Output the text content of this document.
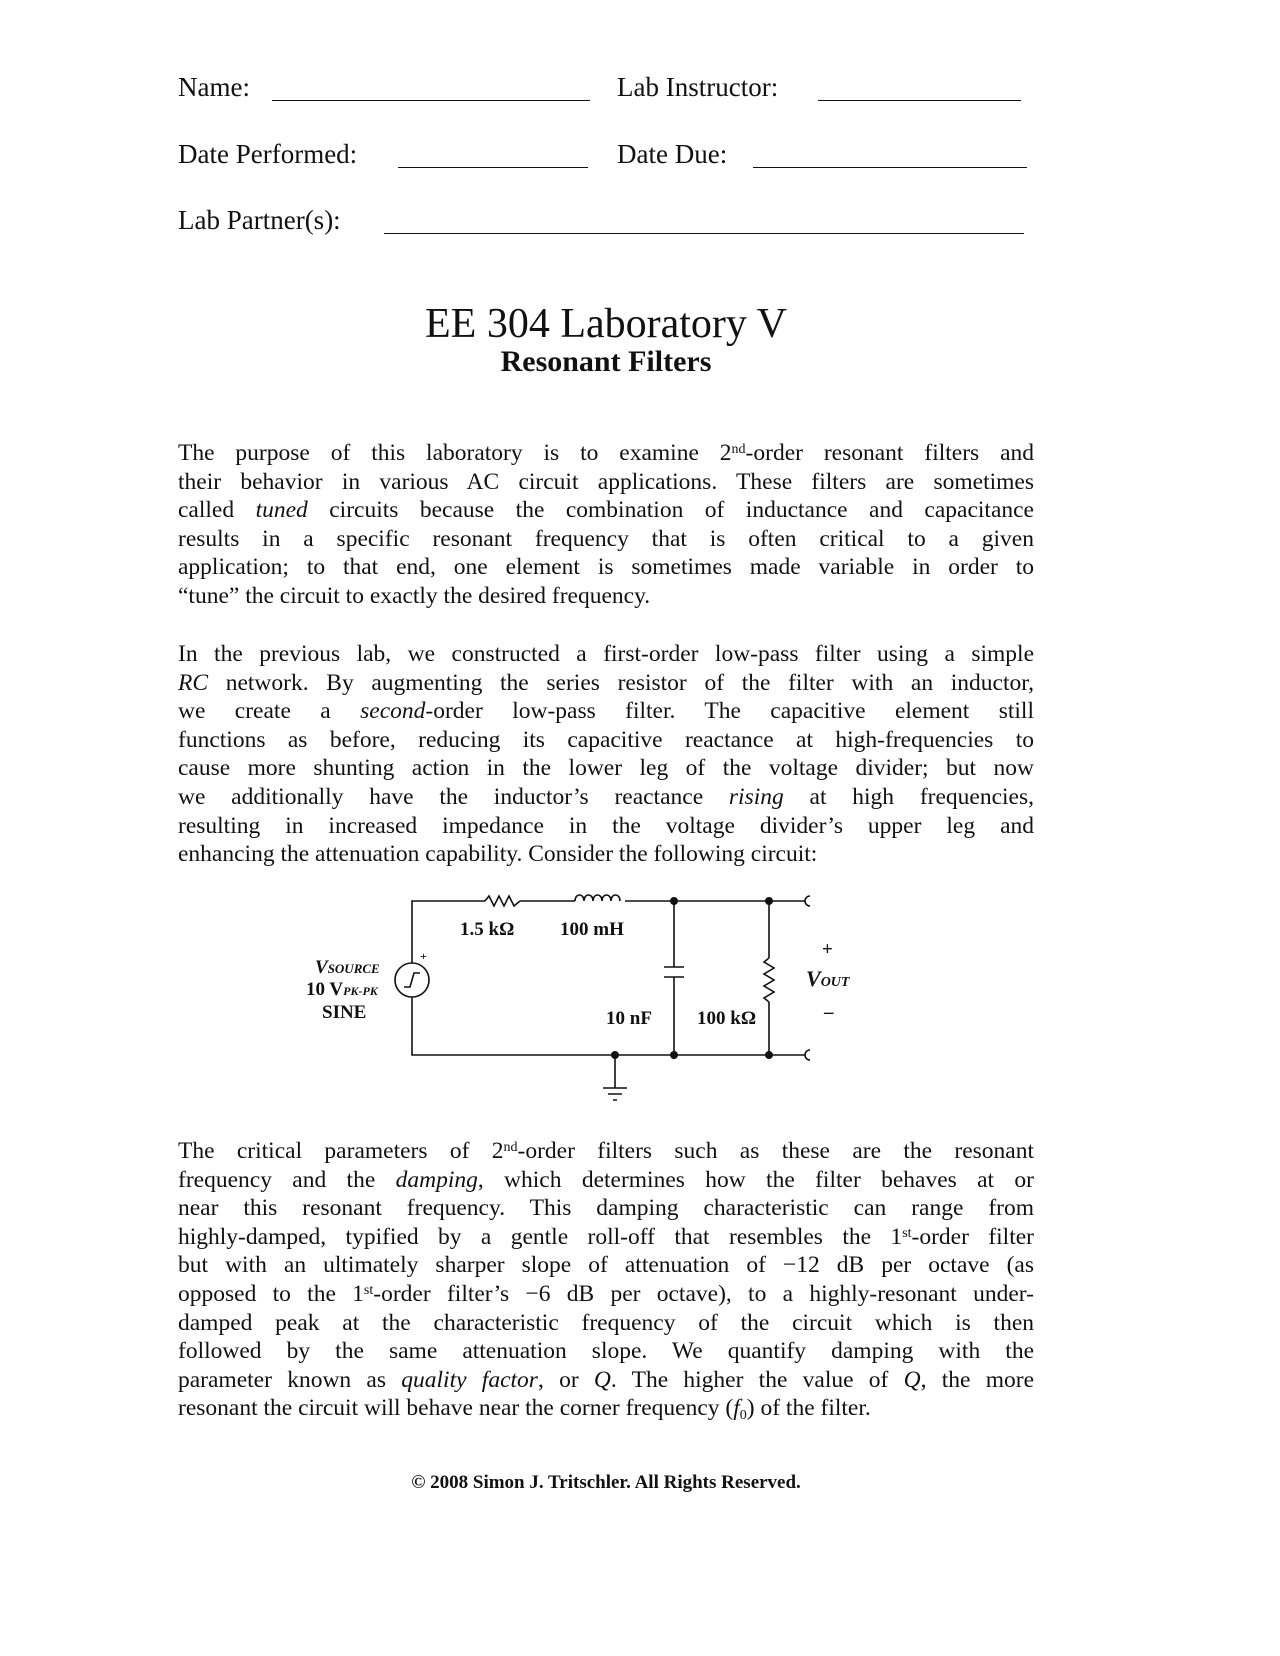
Name:	Lab Instructor:
Date Performed:	Date Due:
Lab Partner(s):
EE 304 Laboratory V
Resonant Filters
The purpose of this laboratory is to examine 2nd-order resonant filters and
their behavior in various AC circuit applications. These filters are sometimes
called tuned circuits because the combination of inductance and capacitance
results in a specific resonant frequency that is often critical to a given
application; to that end, one element is sometimes made variable in order to
“tune” the circuit to exactly the desired frequency.
In the previous lab, we constructed a first-order low-pass filter using a simple
RC network. By augmenting the series resistor of the filter with an inductor,
we create a second-order low-pass filter. The capacitive element still
functions as before, reducing its capacitive reactance at high-frequencies to
cause more shunting action in the lower leg of the voltage divider; but now
we additionally have the inductor’s reactance rising at high frequencies,
resulting in increased impedance in the voltage divider’s upper leg and
enhancing the attenuation capability. Consider the following circuit:
The critical parameters of 2nd-order filters such as these are the resonant
frequency and the damping, which determines how the filter behaves at or
near this resonant frequency. This damping characteristic can range from
highly-damped, typified by a gentle roll-off that resembles the 1st-order filter
but with an ultimately sharper slope of attenuation of −12 dB per octave (as
opposed to the 1st-order filter’s −6 dB per octave), to a highly-resonant under-
damped peak at the characteristic frequency of the circuit which is then
followed by the same attenuation slope. We quantify damping with the
parameter known as quality factor, or Q. The higher the value of Q, the more
resonant the circuit will behave near the corner frequency $(f_0)$ of the filter.
1.5 kΩ 100 mH
10 nF 100 kΩ
+
VSOURCE
10 VPK-PK
SINE
+
VOUT
–
© 2008 Simon J. Tritschler. All Rights Reserved.
